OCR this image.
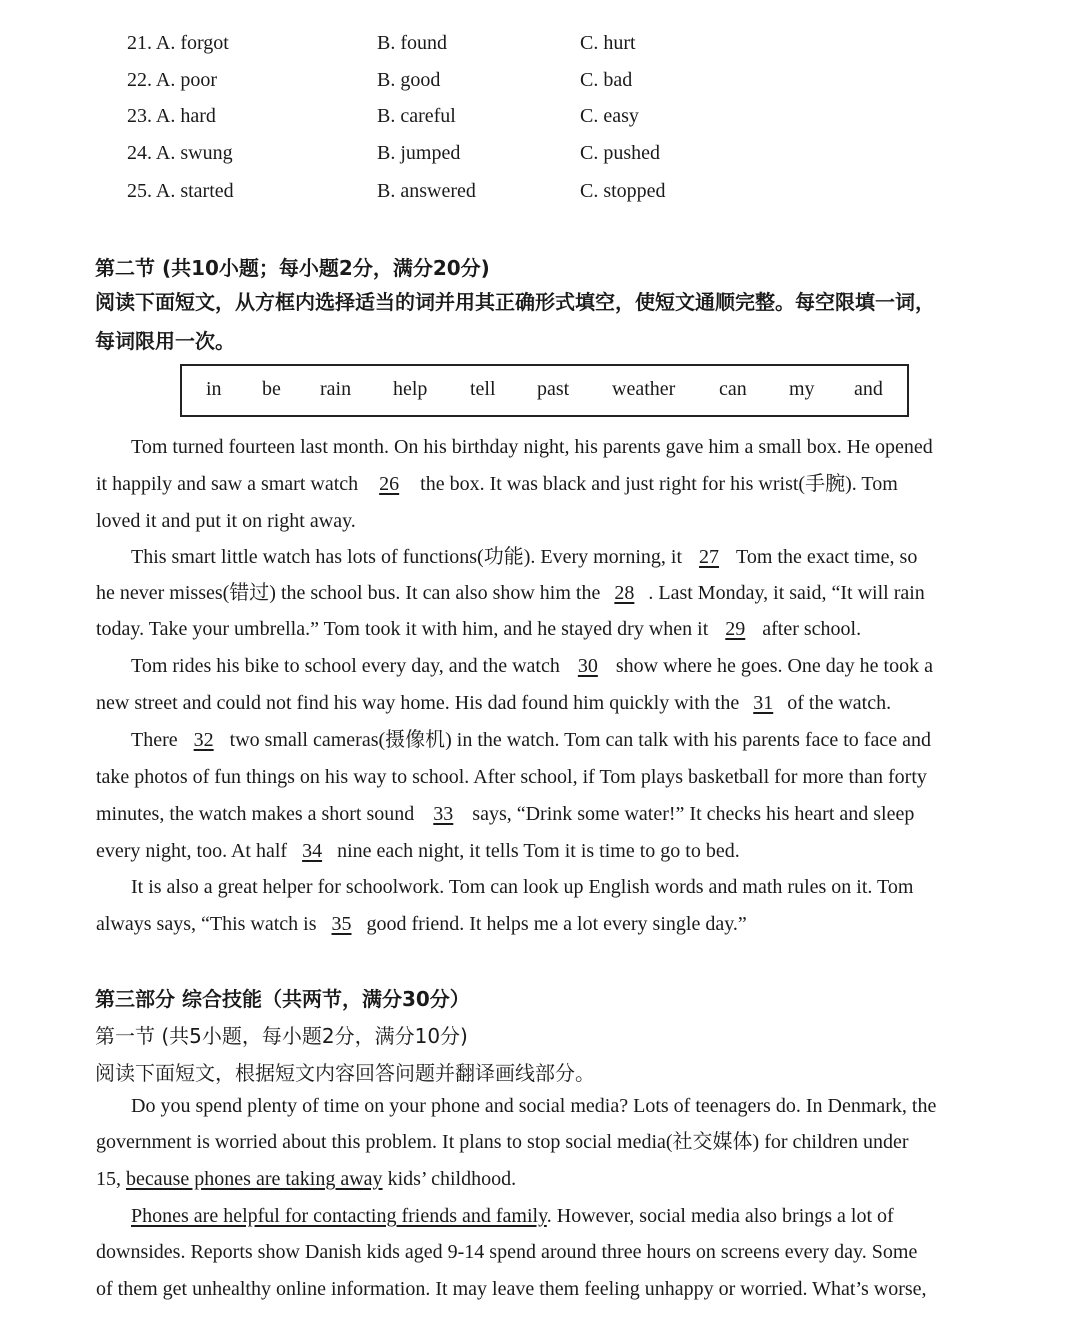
21. A. forgot	B. found	C. hurt
22. A. poor	B. good	C. bad
23. A. hard	B. careful	C. easy
24. A. swung	B. jumped	C. pushed
25. A. started	B. answered	C. stopped
第二节 (共10小题；每小题2分，满分20分)
阅读下面短文，从方框内选择适当的词并用其正确形式填空，使短文通顺完整。每空限填一词，
每词限用一次。
in be rain help tell past weather can my and
Tom turned fourteen last month. On his birthday night, his parents gave him a small box. He opened
it happily and saw a smart watch 26 the box. It was black and just right for his wrist(手腕). Tom
loved it and put it on right away.
This smart little watch has lots of functions(功能). Every morning, it 27 Tom the exact time, so
he never misses(错过) the school bus. It can also show him the 28 . Last Monday, it said, “It will rain
today. Take your umbrella.” Tom took it with him, and he stayed dry when it 29 after school.
Tom rides his bike to school every day, and the watch 30 show where he goes. One day he took a
new street and could not find his way home. His dad found him quickly with the 31 of the watch.
There 32 two small cameras(摄像机) in the watch. Tom can talk with his parents face to face and
take photos of fun things on his way to school. After school, if Tom plays basketball for more than forty
minutes, the watch makes a short sound 33 says, “Drink some water!” It checks his heart and sleep
every night, too. At half 34 nine each night, it tells Tom it is time to go to bed.
It is also a great helper for schoolwork. Tom can look up English words and math rules on it. Tom
always says, “This watch is 35 good friend. It helps me a lot every single day.”
第三部分 综合技能（共两节，满分30分）
第一节 (共5小题，每小题2分，满分10分)
阅读下面短文，根据短文内容回答问题并翻译画线部分。
Do you spend plenty of time on your phone and social media? Lots of teenagers do. In Denmark, the
government is worried about this problem. It plans to stop social media(社交媒体) for children under
15, because phones are taking away kids’ childhood.
Phones are helpful for contacting friends and family. However, social media also brings a lot of
downsides. Reports show Danish kids aged 9-14 spend around three hours on screens every day. Some
of them get unhealthy online information. It may leave them feeling unhappy or worried. What’s worse,
